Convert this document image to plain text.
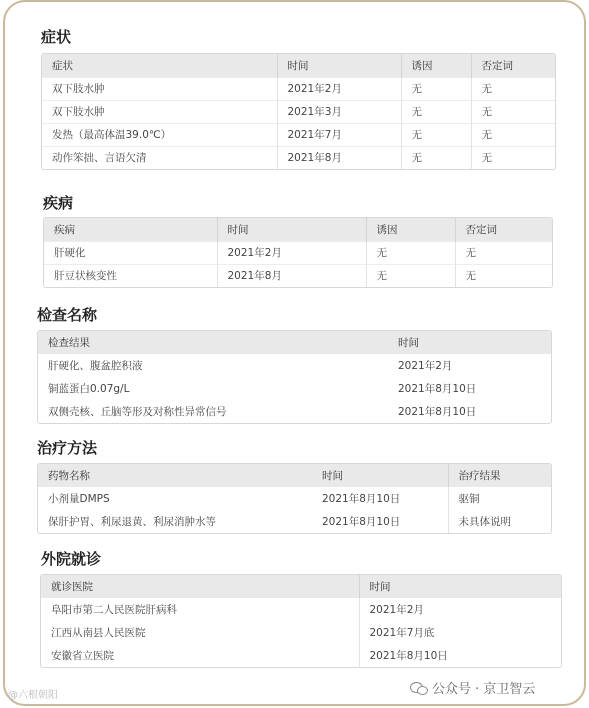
症状
症状	时间	诱因	否定词
双下肢水肿	2021年2月	无	无
双下肢水肿	2021年3月	无	无
发热（最高体温39.0℃）	2021年7月	无	无
动作笨拙、言语欠清	2021年8月	无	无
疾病
疾病	时间	诱因	否定词
肝硬化	2021年2月	无	无
肝豆状核变性	2021年8月	无	无
检查名称
检查结果	时间
肝硬化、腹盆腔积液	2021年2月
铜蓝蛋白0.07g/L	2021年8月10日
双侧壳核、丘脑等形及对称性异常信号	2021年8月10日
治疗方法
药物名称	时间	治疗结果
小剂量DMPS	2021年8月10日	驱铜
保肝护胃、利尿退黄、利尿消肿水等	2021年8月10日	未具体说明
外院就诊
就诊医院	时间
阜阳市第二人民医院肝病科	2021年2月
江西从南县人民医院	2021年7月底
安徽省立医院	2021年8月10日
@六根朝阳	公众号 · 京卫智云
